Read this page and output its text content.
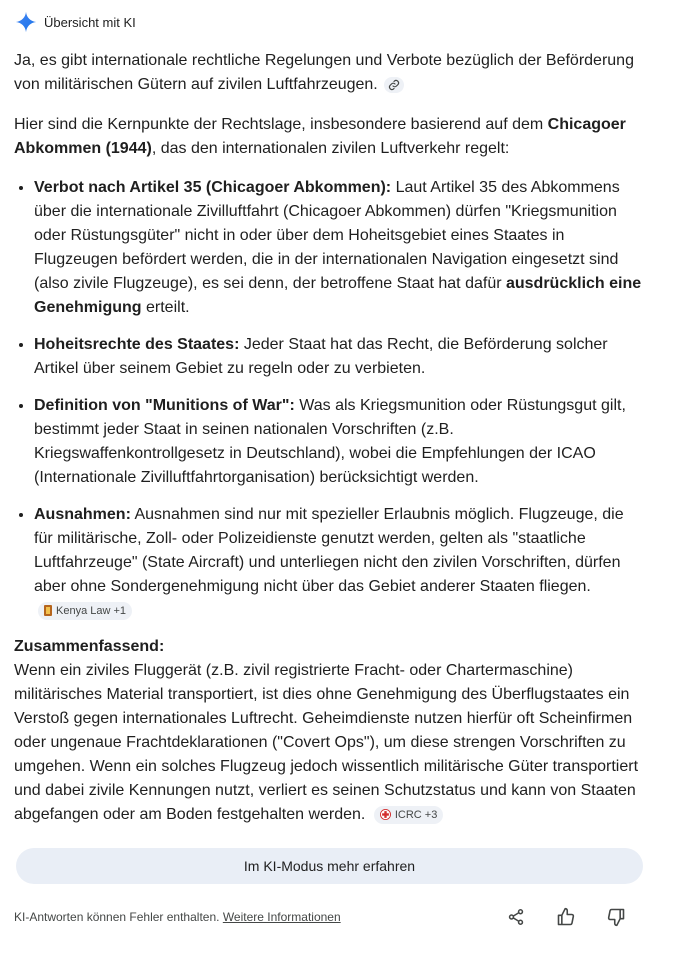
Übersicht mit KI

Ja, es gibt internationale rechtliche Regelungen und Verbote bezüglich der Beförderung von militärischen Gütern auf zivilen Luftfahrzeugen.

Hier sind die Kernpunkte der Rechtslage, insbesondere basierend auf dem Chicagoer Abkommen (1944), das den internationalen zivilen Luftverkehr regelt:

• Verbot nach Artikel 35 (Chicagoer Abkommen): Laut Artikel 35 des Abkommens über die internationale Zivilluftfahrt (Chicagoer Abkommen) dürfen "Kriegsmunition oder Rüstungsgüter" nicht in oder über dem Hoheitsgebiet eines Staates in Flugzeugen befördert werden, die in der internationalen Navigation eingesetzt sind (also zivile Flugzeuge), es sei denn, der betroffene Staat hat dafür ausdrücklich eine Genehmigung erteilt.
• Hoheitsrechte des Staates: Jeder Staat hat das Recht, die Beförderung solcher Artikel über seinem Gebiet zu regeln oder zu verbieten.
• Definition von "Munitions of War": Was als Kriegsmunition oder Rüstungsgut gilt, bestimmt jeder Staat in seinen nationalen Vorschriften (z.B. Kriegswaffenkontrollgesetz in Deutschland), wobei die Empfehlungen der ICAO (Internationale Zivilluftfahrtorganisation) berücksichtigt werden.
• Ausnahmen: Ausnahmen sind nur mit spezieller Erlaubnis möglich. Flugzeuge, die für militärische, Zoll- oder Polizeidienste genutzt werden, gelten als "staatliche Luftfahrzeuge" (State Aircraft) und unterliegen nicht den zivilen Vorschriften, dürfen aber ohne Sondergenehmigung nicht über das Gebiet anderer Staaten fliegen.
Kenya Law +1

Zusammenfassend:

Wenn ein ziviles Fluggerät (z.B. zivil registrierte Fracht- oder Chartermaschine) militärisches Material transportiert, ist dies ohne Genehmigung des Überflugstaates ein Verstoß gegen internationales Luftrecht. Geheimdienste nutzen hierfür oft Scheinfirmen oder ungenaue Frachtdeklarationen ("Covert Ops"), um diese strengen Vorschriften zu umgehen. Wenn ein solches Flugzeug jedoch wissentlich militärische Güter transportiert und dabei zivile Kennungen nutzt, verliert es seinen Schutzstatus und kann von Staaten abgefangen oder am Boden festgehalten werden.	ICRC +3

Im KI-Modus mehr erfahren
KI-Antworten können Fehler enthalten. Weitere Informationen
